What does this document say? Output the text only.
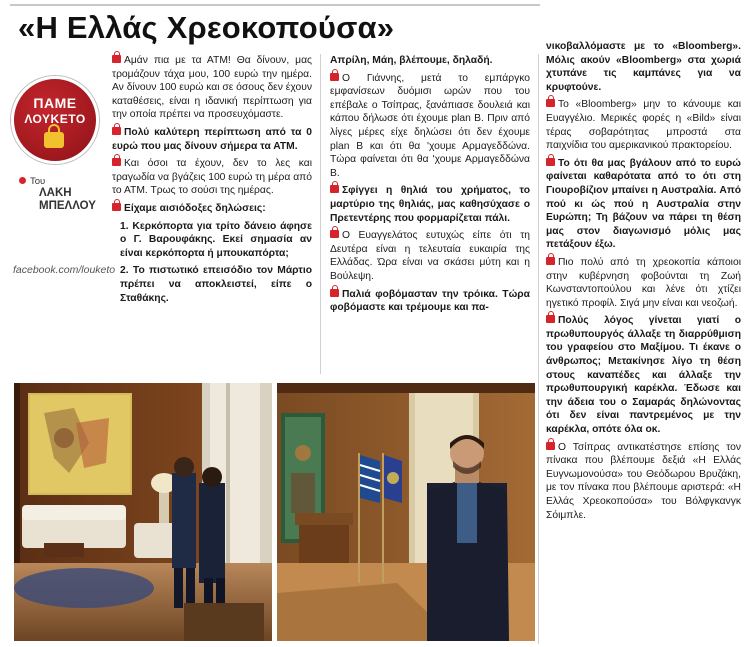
«Η Ελλάς Χρεοκοπούσα»
ΠΑΜΕ
ΛΟΥΚΕΤΟ
Του
ΛΑΚΗ
ΜΠΕΛΛΟΥ
facebook.com/louketo

Αμάν πια με τα ΑΤΜ! Θα δίνουν, μας τρομάζουν τάχα μου, 100 ευρώ την ημέρα. Αν δίνουν 100 ευρώ και σε όσους δεν έχουν καταθέσεις, είναι η ιδανική περίπτωση για την οποία πρέπει να προσευχόμαστε.

Πολύ καλύτερη περίπτωση από τα 0 ευρώ που μας δίνουν σήμερα τα ΑΤΜ.

Και όσοι τα έχουν, δεν το λες και τραγωδία να βγάζεις 100 ευρώ τη μέρα από το ΑΤΜ. Τρως το σούσι της ημέρας.

Είχαμε αισιόδοξες δηλώσεις:

1. Κερκόπορτα για τρίτο δάνειο άφησε ο Γ. Βαρουφάκης. Εκεί σημασία αν είναι κερκόπορτα ή μπουκαπόρτα;

2. Το πιστωτικό επεισόδιο τον Μάρτιο πρέπει να αποκλειστεί, είπε ο Σταθάκης.

Απρίλη, Μάη, βλέπουμε, δηλαδή.

Ο Γιάννης, μετά το εμπάργκο εμφανίσεων δυόμισι ωρών που του επέβαλε ο Τσίπρας, ξανάπιασε δουλειά και κάπου δήλωσε ότι έχουμε plan B. Πριν από λίγες μέρες είχε δηλώσει ότι δεν έχουμε plan B και ότι θα 'χουμε Αρμαγεδδώνα. Τώρα φαίνεται ότι θα 'χουμε Αρμαγεδδώνα Β.

Σφίγγει η θηλιά του χρήματος, το μαρτύριο της θηλιάς, μας καθησύχασε ο Πρετεντέρης που φορμαρίζεται πάλι.

Ο Ευαγγελάτος ευτυχώς είπε ότι τη Δευτέρα είναι η τελευταία ευκαιρία της Ελλάδας. Ώρα είναι να σκάσει μύτη και η Βούλεψη.

Παλιά φοβόμασταν την τρόικα. Τώρα φοβόμαστε και τρέμουμε και πα-

νικοβαλλόμαστε με το «Bloomberg». Μόλις ακούν «Bloomberg» στα χωριά χτυπάνε τις καμπάνες για να κρυφτούνε.

Το «Bloomberg» μην το κάνουμε και Ευαγγέλιο. Μερικές φορές η «Bild» είναι τέρας σοβαρότητας μπροστά στα παιχνίδια του αμερικανικού πρακτορείου.

Το ότι θα μας βγάλουν από το ευρώ φαίνεται καθαρότατα από το ότι στη Γιουροβίζιον μπαίνει η Αυστραλία. Από πού κι ώς πού η Αυστραλία στην Ευρώπη; Τη βάζουν να πάρει τη θέση μας στον διαγωνισμό μόλις μας πετάξουν έξω.

Πιο πολύ από τη χρεοκοπία κάποιοι στην κυβέρνηση φοβούνται τη Ζωή Κωνσταντοπούλου και λένε ότι χτίζει ηγετικό προφίλ. Σιγά μην είναι και νεοζωή.

Πολύς λόγος γίνεται γιατί ο πρωθυπουργός άλλαξε τη διαρρύθμιση του γραφείου στο Μαξίμου. Τι έκανε ο άνθρωπος; Μετακίνησε λίγο τη θέση στους καναπέδες και άλλαξε την πρωθυπουργική καρέκλα. Έδωσε και την άδεια του ο Σαμαράς δηλώνοντας ότι δεν είναι παντρεμένος με την καρέκλα, οπότε όλα οκ.

Ο Τσίπρας αντικατέστησε επίσης τον πίνακα που βλέπουμε δεξιά «Η Ελλάς Ευγνωμονούσα» του Θεόδωρου Βρυζάκη, με τον πίνακα που βλέπουμε αριστερά: «Η Ελλάς Χρεοκοπούσα» του Βόλφγκανγκ Σόιμπλε.
